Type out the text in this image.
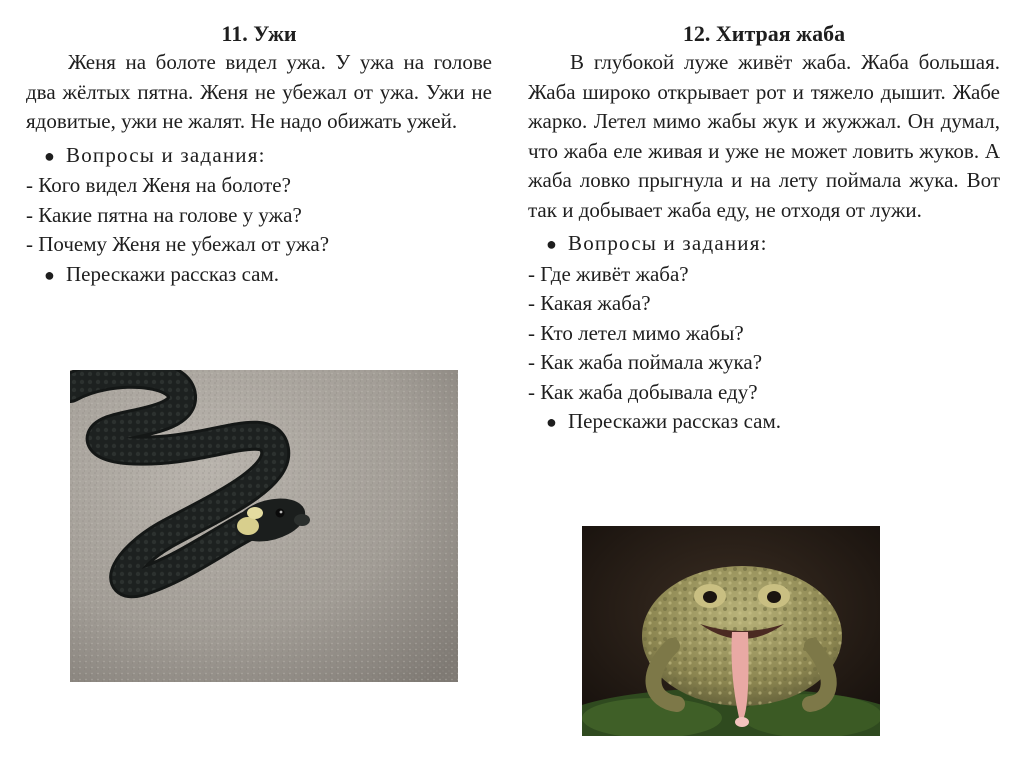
11. Ужи

Женя на болоте видел ужа. У ужа на голове два жёлтых пятна. Женя не убежал от ужа. Ужи не ядовитые, ужи не жалят. Не надо обижать ужей.

● Вопросы и задания:

- Кого видел Женя на болоте?
- Какие пятна на голове у ужа?
- Почему Женя не убежал от ужа?

● Перескажи рассказ сам.

12. Хитрая жаба

В глубокой луже живёт жаба. Жаба большая. Жаба широко открывает рот и тяжело дышит. Жабе жарко. Летел мимо жабы жук и жужжал. Он думал, что жаба еле живая и уже не может ловить жуков. А жаба ловко прыгнула и на лету поймала жука. Вот так и добывает жаба еду, не отходя от лужи.

● Вопросы и задания:

- Где живёт жаба?
- Какая жаба?
- Кто летел мимо жабы?
- Как жаба поймала жука?
- Как жаба добывала еду?

● Перескажи рассказ сам.
